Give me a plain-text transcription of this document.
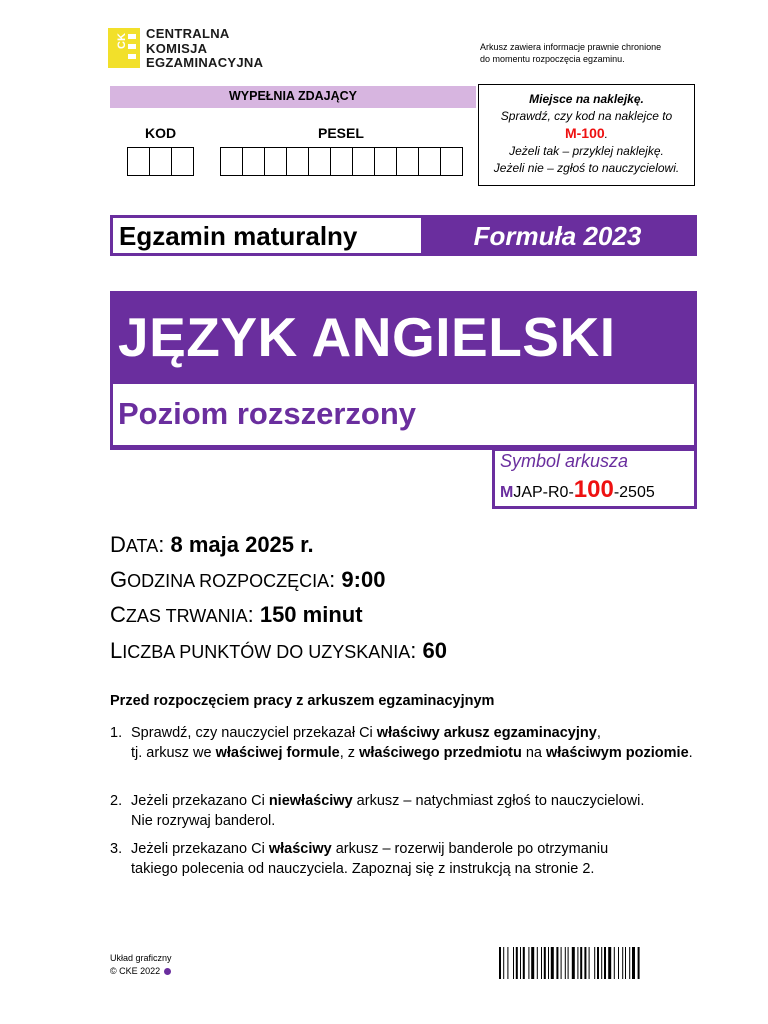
CK CENTRALNA
KOMISJA
EGZAMINACYJNA
Arkusz zawiera informacje prawnie chronione
do momentu rozpoczęcia egzaminu.
WYPEŁNIA ZDAJĄCY
KOD	PESEL
Miejsce na naklejkę.
Sprawdź, czy kod na naklejce to
M-100.
Jeżeli tak – przyklej naklejkę.
Jeżeli nie – zgłoś to nauczycielowi.
Egzamin maturalny	Formuła 2023
JĘZYK ANGIELSKI
Poziom rozszerzony
Symbol arkusza
MJAP-R0-100-2505
DATA: 8 maja 2025 r.
GODZINA ROZPOCZĘCIA: 9:00
CZAS TRWANIA: 150 minut
LICZBA PUNKTÓW DO UZYSKANIA: 60
Przed rozpoczęciem pracy z arkuszem egzaminacyjnym
1. Sprawdź, czy nauczyciel przekazał Ci właściwy arkusz egzaminacyjny,
tj. arkusz we właściwej formule, z właściwego przedmiotu na właściwym poziomie.
2. Jeżeli przekazano Ci niewłaściwy arkusz – natychmiast zgłoś to nauczycielowi.
Nie rozrywaj banderol.
3. Jeżeli przekazano Ci właściwy arkusz – rozerwij banderole po otrzymaniu
takiego polecenia od nauczyciela. Zapoznaj się z instrukcją na stronie 2.
Układ graficzny
© CKE 2022
